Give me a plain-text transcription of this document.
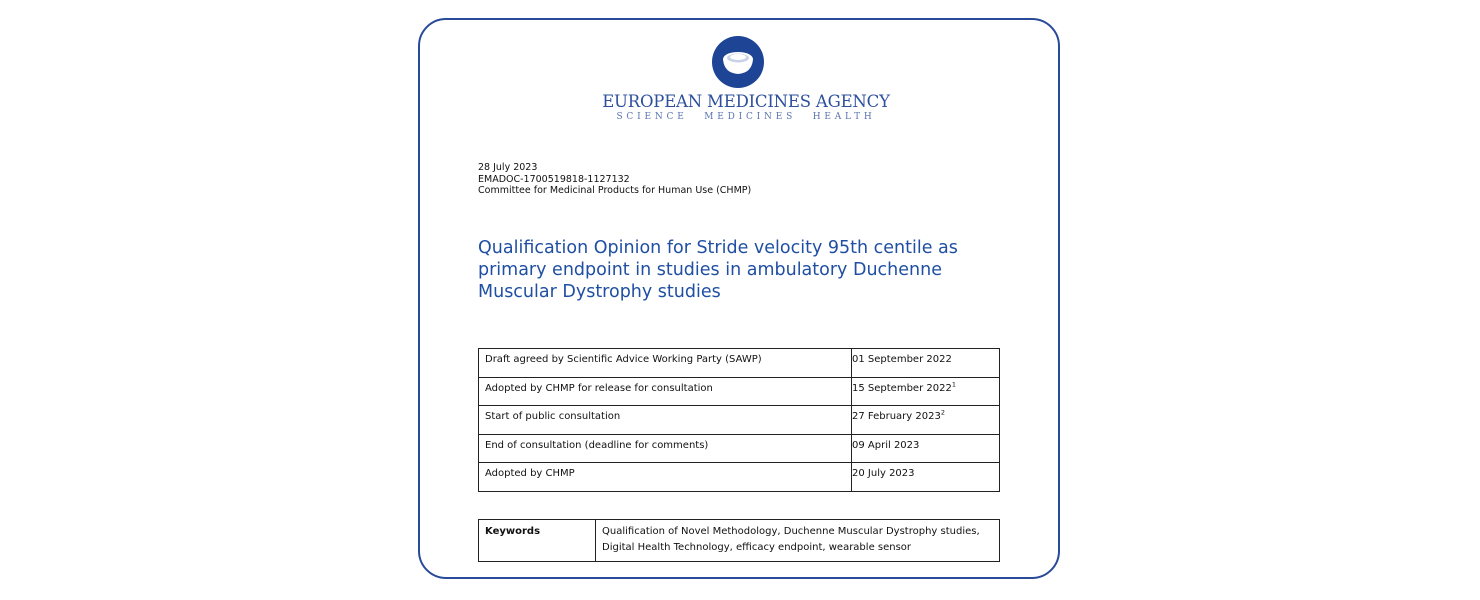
EUROPEAN MEDICINES AGENCY
SCIENCE MEDICINES HEALTH
28 July 2023
EMADOC-1700519818-1127132
Committee for Medicinal Products for Human Use (CHMP)
Qualification Opinion for Stride velocity 95th centile as primary endpoint in studies in ambulatory Duchenne Muscular Dystrophy studies
Draft agreed by Scientific Advice Working Party (SAWP)	01 September 2022
Adopted by CHMP for release for consultation	15 September 2022$^1$
Start of public consultation	27 February 2023$^2$
End of consultation (deadline for comments)	09 April 2023
Adopted by CHMP	20 July 2023
Keywords	Qualification of Novel Methodology, Duchenne Muscular Dystrophy studies, Digital Health Technology, efficacy endpoint, wearable sensor
